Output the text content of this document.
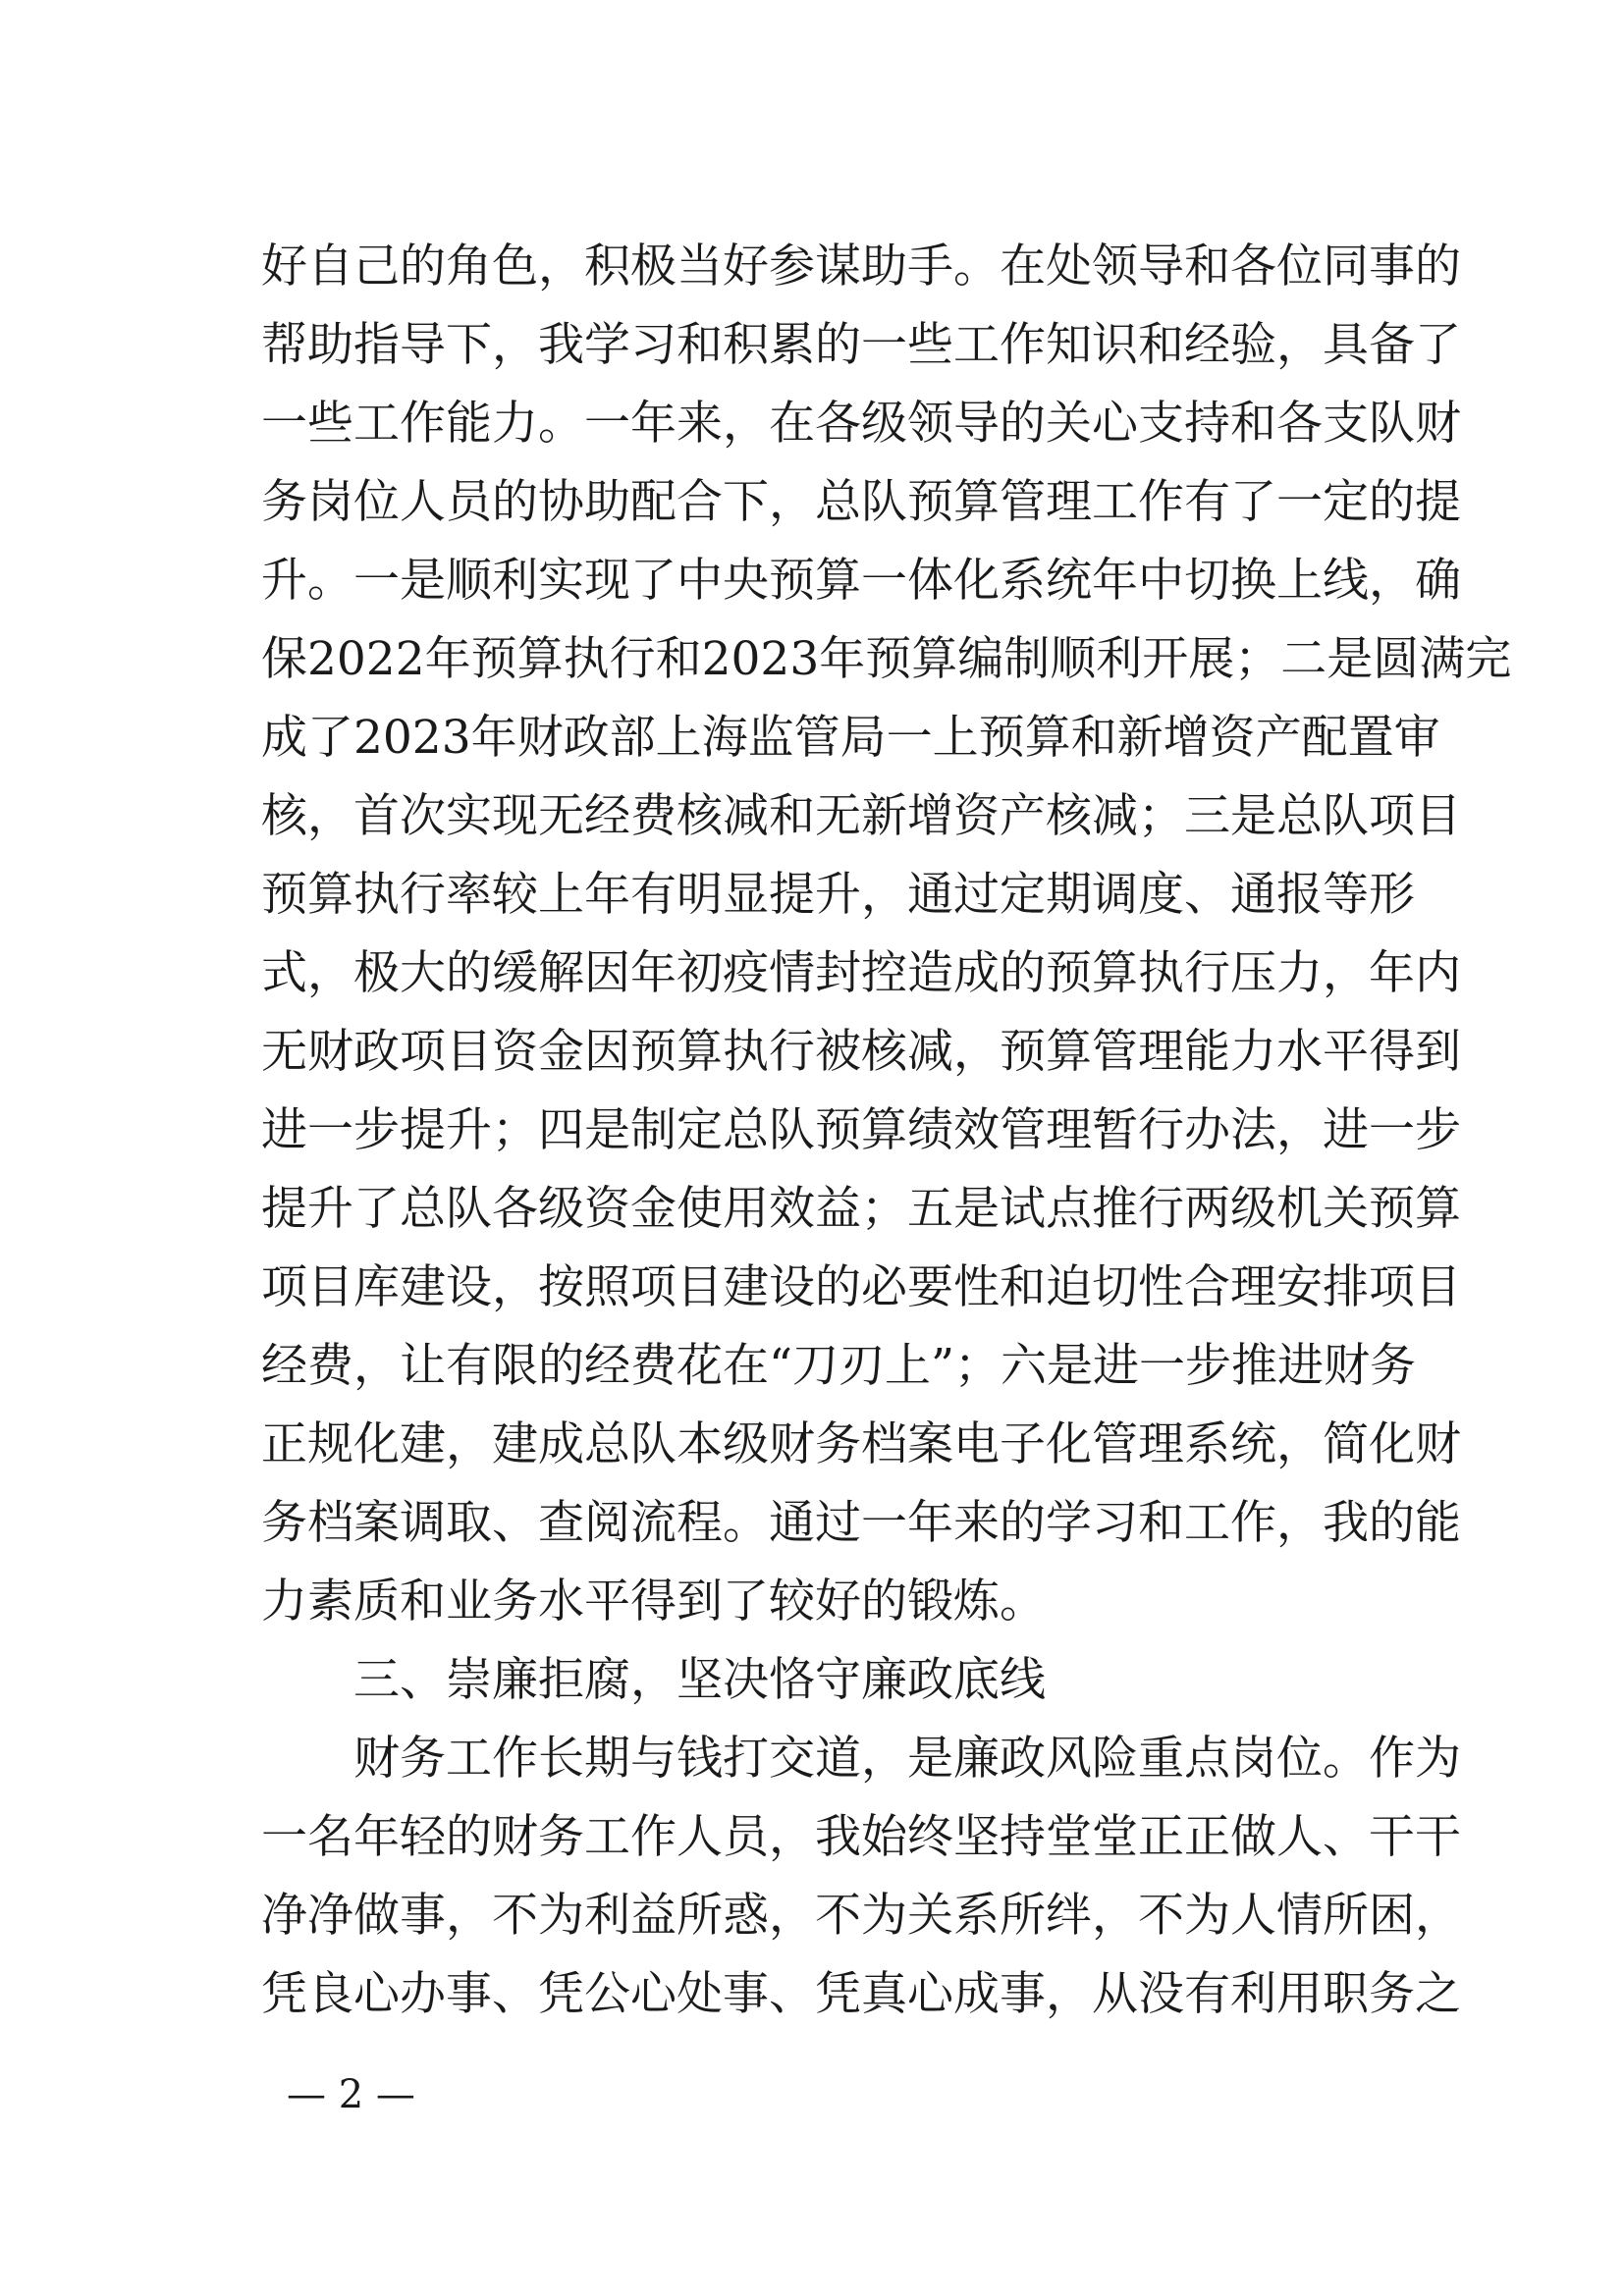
好自己的角色，积极当好参谋助手。在处领导和各位同事的
帮助指导下，我学习和积累的一些工作知识和经验，具备了
一些工作能力。一年来，在各级领导的关心支持和各支队财
务岗位人员的协助配合下，总队预算管理工作有了一定的提
升。一是顺利实现了中央预算一体化系统年中切换上线，确
保2022年预算执行和2023年预算编制顺利开展；二是圆满完
成了2023年财政部上海监管局一上预算和新增资产配置审
核，首次实现无经费核减和无新增资产核减；三是总队项目
预算执行率较上年有明显提升，通过定期调度、通报等形
式，极大的缓解因年初疫情封控造成的预算执行压力，年内
无财政项目资金因预算执行被核减，预算管理能力水平得到
进一步提升；四是制定总队预算绩效管理暂行办法，进一步
提升了总队各级资金使用效益；五是试点推行两级机关预算
项目库建设，按照项目建设的必要性和迫切性合理安排项目
经费，让有限的经费花在“刀刃上”；六是进一步推进财务
正规化建，建成总队本级财务档案电子化管理系统，简化财
务档案调取、查阅流程。通过一年来的学习和工作，我的能
力素质和业务水平得到了较好的锻炼。
三、崇廉拒腐，坚决恪守廉政底线
财务工作长期与钱打交道，是廉政风险重点岗位。作为
一名年轻的财务工作人员，我始终坚持堂堂正正做人、干干
净净做事，不为利益所惑，不为关系所绊，不为人情所困，
凭良心办事、凭公心处事、凭真心成事，从没有利用职务之
— 2 —
